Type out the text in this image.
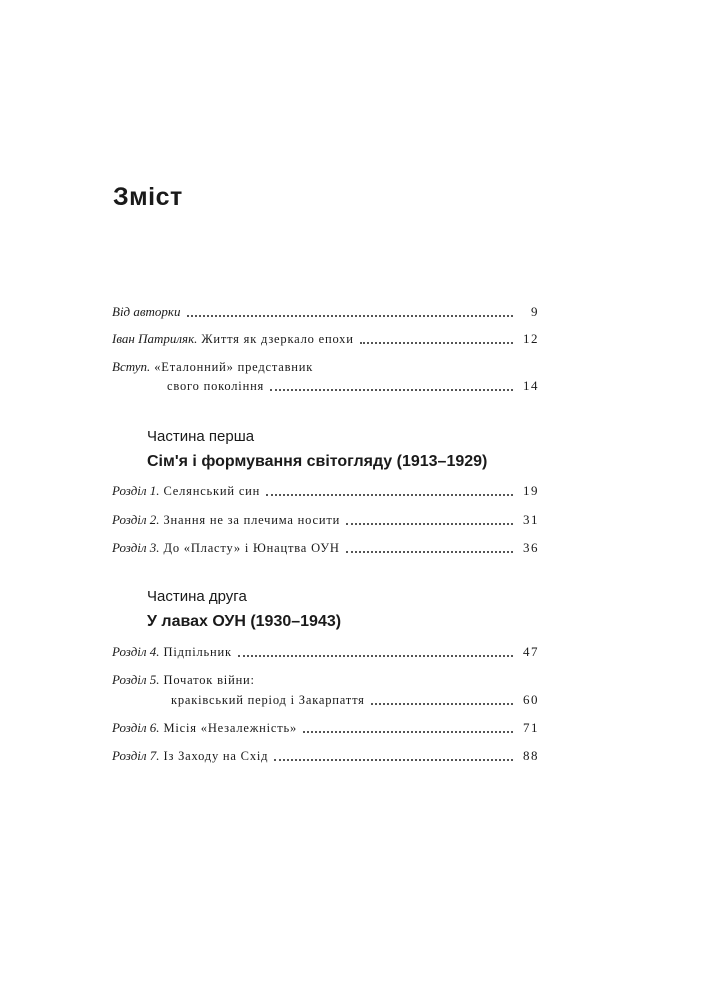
Зміст
Від авторки	9
Іван Патриляк. Життя як дзеркало епохи	12
Вступ. «Еталонний» представник
свого покоління	14
Частина перша
Сім'я і формування світогляду (1913–1929)
Розділ 1. Селянський син	19
Розділ 2. Знання не за плечима носити	31
Розділ 3. До «Пласту» і Юнацтва ОУН	36
Частина друга
У лавах ОУН (1930–1943)
Розділ 4. Підпільник	47
Розділ 5. Початок війни:
краківський період і Закарпаття	60
Розділ 6. Місія «Незалежність»	71
Розділ 7. Із Заходу на Схід	88
